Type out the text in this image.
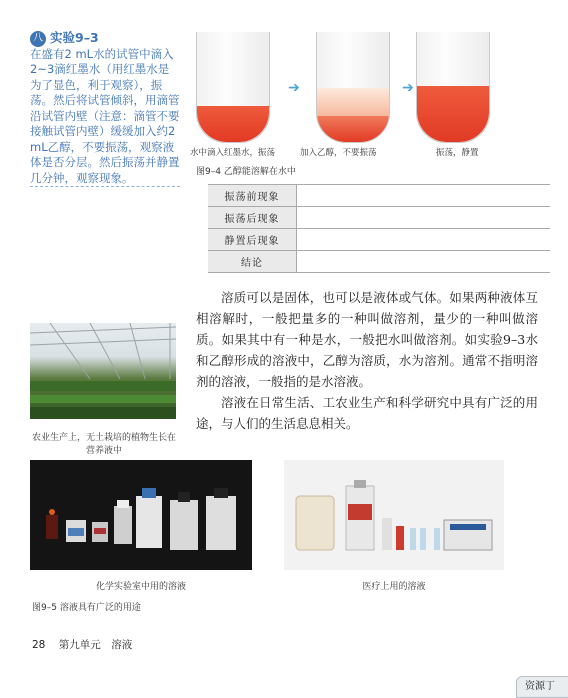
八 实验9–3
在盛有2 mL水的试管中滴入2~3滴红墨水（用红墨水是为了显色，利于观察），振荡。然后将试管倾斜，用滴管沿试管内壁（注意：滴管不要接触试管内壁）缓缓加入约2 mL乙醇，不要振荡，观察液体是否分层。然后振荡并静置几分钟，观察现象。
➔	➔
水中滴入红墨水，振荡	加入乙醇，不要振荡	振荡，静置
图9–4 乙醇能溶解在水中
振荡前现象	
振荡后现象	
静置后现象	
结论	

溶质可以是固体，也可以是液体或气体。如果两种液体互相溶解时，一般把量多的一种叫做溶剂，量少的一种叫做溶质。如果其中有一种是水，一般把水叫做溶剂。如实验9–3水和乙醇形成的溶液中，乙醇为溶质，水为溶剂。通常不指明溶剂的溶液，一般指的是水溶液。

溶液在日常生活、工农业生产和科学研究中具有广泛的用途，与人们的生活息息相关。

农业生产上，无土栽培的植物生长在营养液中
化学实验室中用的溶液	医疗上用的溶液
图9–5 溶液具有广泛的用途
28 第九单元　溶液
资源丁
